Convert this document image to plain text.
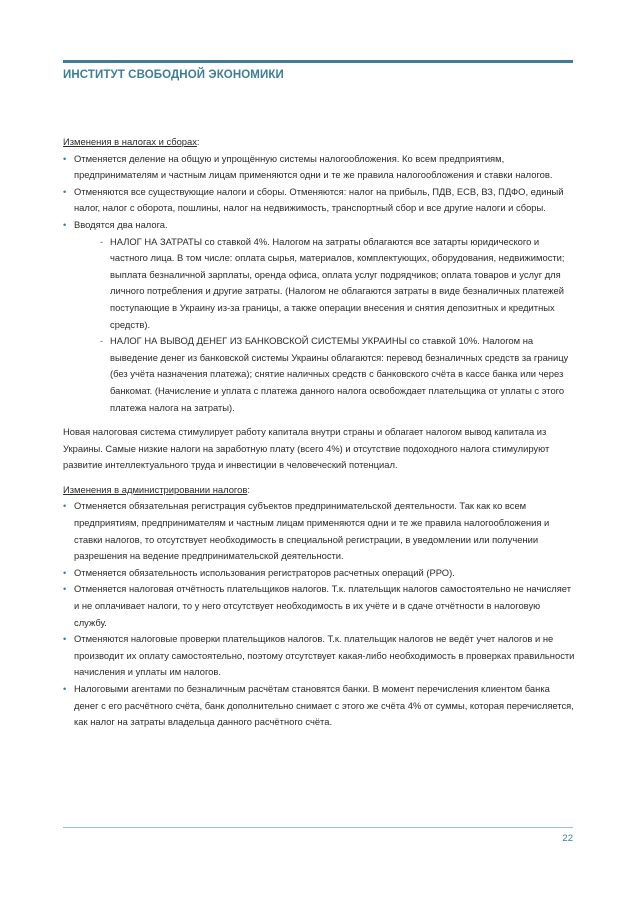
ИНСТИТУТ СВОБОДНОЙ ЭКОНОМИКИ

Изменения в налогах и сборах:

• Отменяется деление на общую и упрощённую системы налогообложения. Ко всем предприятиям, предпринимателям и частным лицам применяются одни и те же правила налогообложения и ставки налогов.
• Отменяются все существующие налоги и сборы. Отменяются: налог на прибыль, ПДВ, ЕСВ, ВЗ, ПДФО, единый налог, налог с оборота, пошлины, налог на недвижимость, транспортный сбор и все другие налоги и сборы.
• Вводятся два налога.
- НАЛОГ НА ЗАТРАТЫ со ставкой 4%. Налогом на затраты облагаются все затарты юридического и частного лица. В том числе: оплата сырья, материалов, комплектующих, оборудования, недвижимости; выплата безналичной зарплаты, оренда офиса, оплата услуг подрядчиков; оплата товаров и услуг для личного потребления и другие затраты. (Налогом не облагаются затраты в виде безналичных платежей поступающие в Украину из-за границы, а также операции внесения и снятия депозитных и кредитных средств).
- НАЛОГ НА ВЫВОД ДЕНЕГ ИЗ БАНКОВСКОЙ СИСТЕМЫ УКРАИНЫ со ставкой 10%. Налогом на выведение денег из банковской системы Украины облагаются: перевод безналичных средств за границу (без учёта назначения платежа); снятие наличных средств с банковского счёта в кассе банка или через банкомат. (Начисление и уплата с платежа данного налога освобождает плательщика от уплаты с этого платежа налога на затраты).

Новая налоговая система стимулирует работу капитала внутри страны и облагает налогом вывод капитала из Украины. Самые низкие налоги на заработную плату (всего 4%) и отсутствие подоходного налога стимулируют развитие интеллектуального труда и инвестиции в человеческий потенциал.

Изменения в администрировании налогов:

• Отменяется обязательная регистрация субъектов предпринимательской деятельности. Так как ко всем предприятиям, предпринимателям и частным лицам применяются одни и те же правила налогообложения и ставки налогов, то отсутствует необходимость в специальной регистрации, в уведомлении или получении разрешения на ведение предпринимательской деятельности.
• Отменяется обязательность использования регистраторов расчетных операций (РРО).
• Отменяется налоговая отчётность плательщиков налогов. Т.к. плательщик налогов самостоятельно не начисляет и не оплачивает налоги, то у него отсутствует необходимость в их учёте и в сдаче отчётности в налоговую службу.
• Отменяются налоговые проверки плательщиков налогов. Т.к. плательщик налогов не ведёт учет налогов и не производит их оплату самостоятельно, поэтому отсутствует какая-либо необходимость в проверках правильности начисления и уплаты им налогов.
• Налоговыми агентами по безналичным расчётам становятся банки. В момент перечисления клиентом банка денег с его расчётного счёта, банк дополнительно снимает с этого же счёта 4% от суммы, которая перечисляется, как налог на затраты владельца данного расчётного счёта.
22
